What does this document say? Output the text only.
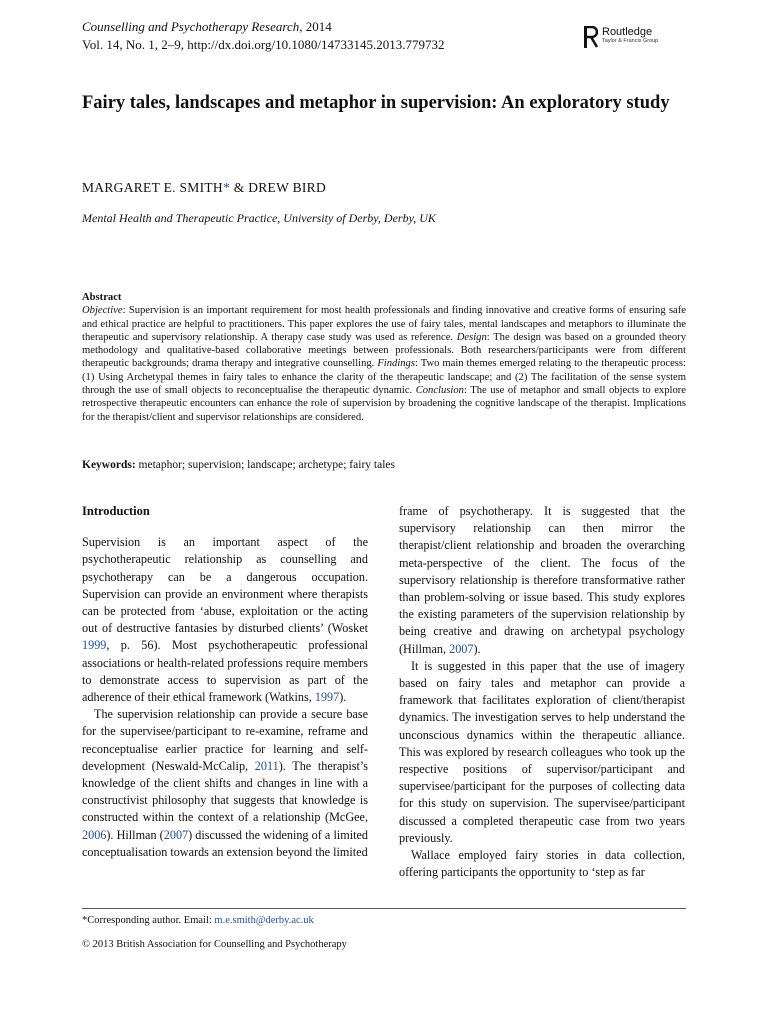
Counselling and Psychotherapy Research, 2014
Vol. 14, No. 1, 2–9, http://dx.doi.org/10.1080/14733145.2013.779732
Routledge
Taylor & Francis Group
Fairy tales, landscapes and metaphor in supervision: An exploratory study
MARGARET E. SMITH* & DREW BIRD
Mental Health and Therapeutic Practice, University of Derby, Derby, UK
Abstract
Objective: Supervision is an important requirement for most health professionals and finding innovative and creative forms of ensuring safe and ethical practice are helpful to practitioners. This paper explores the use of fairy tales, mental landscapes and metaphors to illuminate the therapeutic and supervisory relationship. A therapy case study was used as reference. Design: The design was based on a grounded theory methodology and qualitative-based collaborative meetings between professionals. Both researchers/participants were from different therapeutic backgrounds; drama therapy and integrative counselling. Findings: Two main themes emerged relating to the therapeutic process: (1) Using Archetypal themes in fairy tales to enhance the clarity of the therapeutic landscape; and (2) The facilitation of the sense system through the use of small objects to reconceptualise the therapeutic dynamic. Conclusion: The use of metaphor and small objects to explore retrospective therapeutic encounters can enhance the role of supervision by broadening the cognitive landscape of the therapist. Implications for the therapist/client and supervisor relationships are considered.
Keywords: metaphor; supervision; landscape; archetype; fairy tales

Introduction

Supervision is an important aspect of the psychotherapeutic relationship as counselling and psychotherapy can be a dangerous occupation. Supervision can provide an environment where therapists can be protected from ‘abuse, exploitation or the acting out of destructive fantasies by disturbed clients’ (Wosket 1999, p. 56). Most psychotherapeutic professional associations or health-related professions require members to demonstrate access to supervision as part of the adherence of their ethical framework (Watkins, 1997).

The supervision relationship can provide a secure base for the supervisee/participant to re-examine, reframe and reconceptualise earlier practice for learning and self-development (Neswald-McCalip, 2011). The therapist’s knowledge of the client shifts and changes in line with a constructivist philosophy that suggests that knowledge is constructed within the context of a relationship (McGee, 2006). Hillman (2007) discussed the widening of a limited conceptualisation towards an extension beyond the limited

frame of psychotherapy. It is suggested that the supervisory relationship can then mirror the therapist/client relationship and broaden the overarching meta-perspective of the client. The focus of the supervisory relationship is therefore transformative rather than problem-solving or issue based. This study explores the existing parameters of the supervision relationship by being creative and drawing on archetypal psychology (Hillman, 2007).

It is suggested in this paper that the use of imagery based on fairy tales and metaphor can provide a framework that facilitates exploration of client/therapist dynamics. The investigation serves to help understand the unconscious dynamics within the therapeutic alliance. This was explored by research colleagues who took up the respective positions of supervisor/participant and supervisee/participant for the purposes of collecting data for this study on supervision. The supervisee/participant discussed a completed therapeutic case from two years previously.

Wallace employed fairy stories in data collection, offering participants the opportunity to ‘step as far

*Corresponding author. Email: m.e.smith@derby.ac.uk
© 2013 British Association for Counselling and Psychotherapy
